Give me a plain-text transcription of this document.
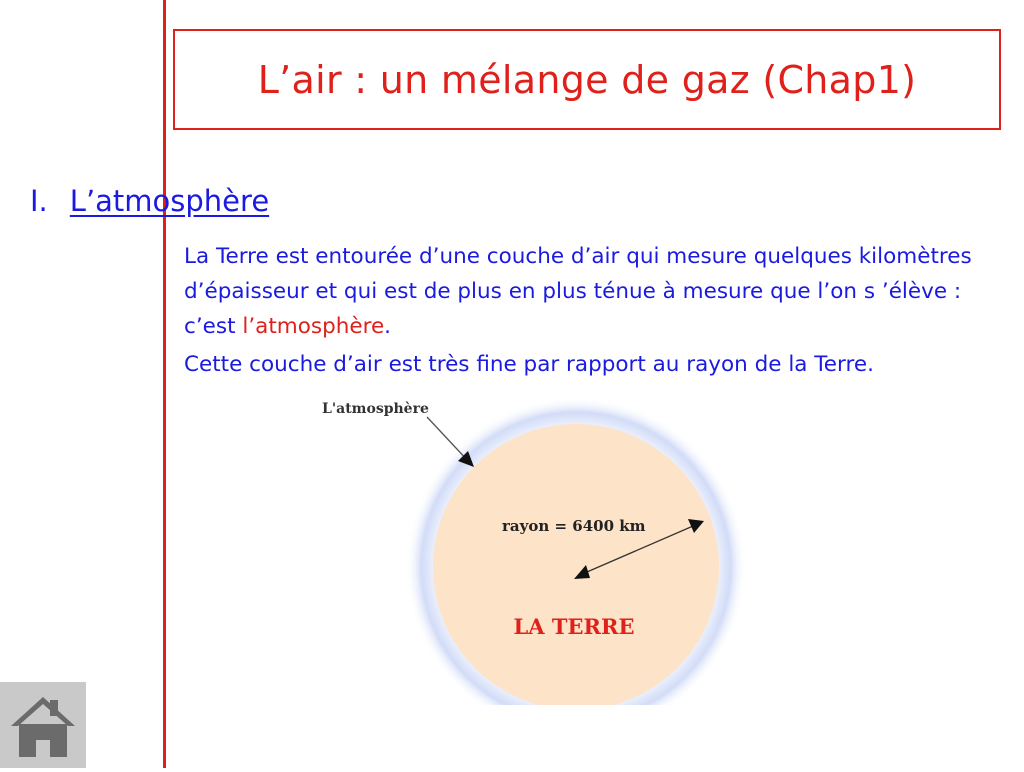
L’air : un mélange de gaz (Chap1)
I. L’atmosphère

La Terre est entourée d’une couche d’air qui mesure quelques kilomètres d’épaisseur et qui est de plus en plus ténue à mesure que l’on s ’élève : c’est l’atmosphère.

Cette couche d’air est très fine par rapport au rayon de la Terre.

L'atmosphère
rayon = 6400 km
LA TERRE
